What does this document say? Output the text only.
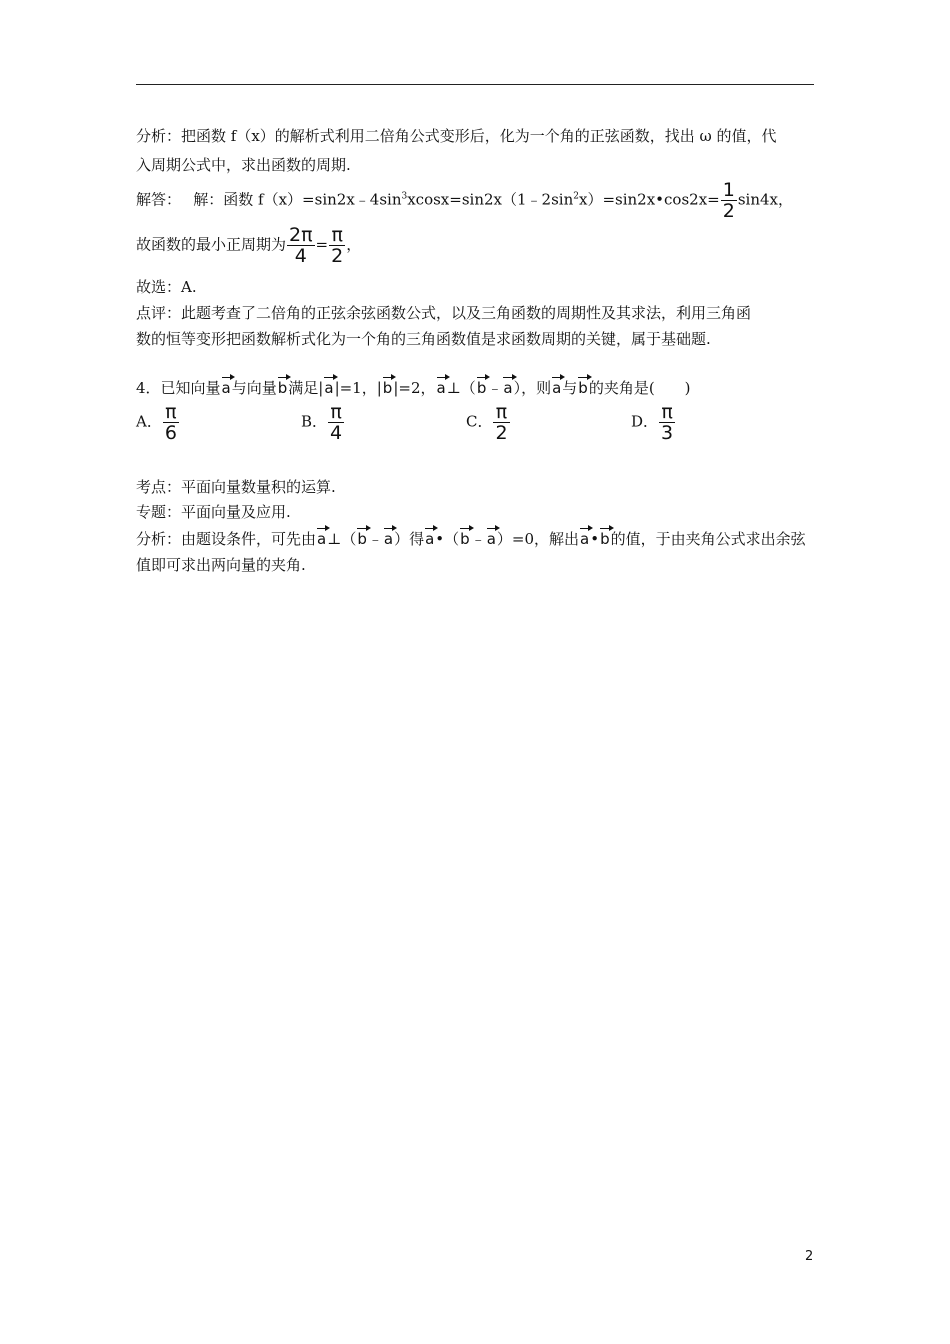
分析：把函数 f（x）的解析式利用二倍角公式变形后，化为一个角的正弦函数，找出 ω 的值，代
入周期公式中，求出函数的周期.
解答：　 解：函数 $f(x)=\sin 2x﹣4\sin^3xcosx=\sin 2x(1﹣2\sin^2x)=\sin 2x•\cos 2x= \frac{1}{2} \sin 4x$，
故函数的最小正周期为 $\frac{2\pi}{4} = \frac{\pi}{2}$ ，
故选：A.
点评：此题考查了二倍角的正弦余弦函数公式，以及三角函数的周期性及其求法，利用三角函
数的恒等变形把函数解析式化为一个角的三角函数值是求函数周期的关键，属于基础题.
4．已知向量a与向量b满足|a|=1，|b|=2，a⊥（b﹣a），则a与b的夹角是(　　)
A． $\frac{\pi}{6}$	B． $\frac{\pi}{4}$	C． $\frac{\pi}{2}$	D． $\frac{\pi}{3}$
考点：平面向量数量积的运算.
专题：平面向量及应用.
分析：由题设条件，可先由a⊥（b﹣a）得a•（b﹣a）=0，解出a•b的值，于由夹角公式求出余弦
值即可求出两向量的夹角.
2
